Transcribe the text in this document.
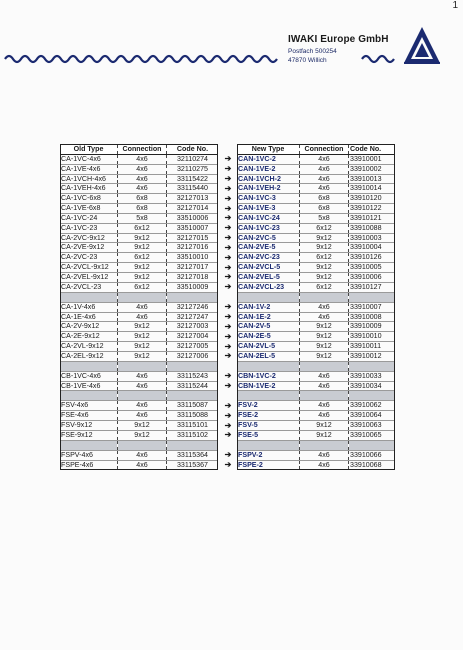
1
IWAKI Europe GmbH
Postfach 500254
47870 Willich
Old Type	Connection	Code No.
CA-1VC-4x6	4x6	32110274
CA-1VE-4x6	4x6	32110275
CA-1VCH-4x6	4x6	33115422
CA-1VEH-4x6	4x6	33115440
CA-1VC-6x8	6x8	32127013
CA-1VE-6x8	6x8	32127014
CA-1VC-24	5x8	33510006
CA-1VC-23	6x12	33510007
CA-2VC-9x12	9x12	32127015
CA-2VE-9x12	9x12	32127016
CA-2VC-23	6x12	33510010
CA-2VCL-9x12	9x12	32127017
CA-2VEL-9x12	9x12	32127018
CA-2VCL-23	6x12	33510009

CA-1V-4x6	4x6	32127246
CA-1E-4x6	4x6	32127247
CA-2V-9x12	9x12	32127003
CA-2E-9x12	9x12	32127004
CA-2VL-9x12	9x12	32127005
CA-2EL-9x12	9x12	32127006

CB-1VC-4x6	4x6	33115243
CB-1VE-4x6	4x6	33115244

FSV-4x6	4x6	33115087
FSE-4x6	4x6	33115088
FSV-9x12	9x12	33115101
FSE-9x12	9x12	33115102

FSPV-4x6	4x6	33115364
FSPE-4x6	4x6	33115367
➔
➔
➔
➔
➔
➔
➔
➔
➔
➔
➔
➔
➔
➔
➔
➔
➔
➔
➔
➔
➔
➔
➔
➔
➔
➔
➔
➔
New Type	Connection	Code No.
CAN-1VC-2	4x6	33910001
CAN-1VE-2	4x6	33910002
CAN-1VCH-2	4x6	33910013
CAN-1VEH-2	4x6	33910014
CAN-1VC-3	6x8	33910120
CAN-1VE-3	6x8	33910122
CAN-1VC-24	5x8	33910121
CAN-1VC-23	6x12	33910088
CAN-2VC-5	9x12	33910003
CAN-2VE-5	9x12	33910004
CAN-2VC-23	6x12	33910126
CAN-2VCL-5	9x12	33910005
CAN-2VEL-5	9x12	33910006
CAN-2VCL-23	6x12	33910127

CAN-1V-2	4x6	33910007
CAN-1E-2	4x6	33910008
CAN-2V-5	9x12	33910009
CAN-2E-5	9x12	33910010
CAN-2VL-5	9x12	33910011
CAN-2EL-5	9x12	33910012

CBN-1VC-2	4x6	33910033
CBN-1VE-2	4x6	33910034

FSV-2	4x6	33910062
FSE-2	4x6	33910064
FSV-5	9x12	33910063
FSE-5	9x12	33910065

FSPV-2	4x6	33910066
FSPE-2	4x6	33910068
